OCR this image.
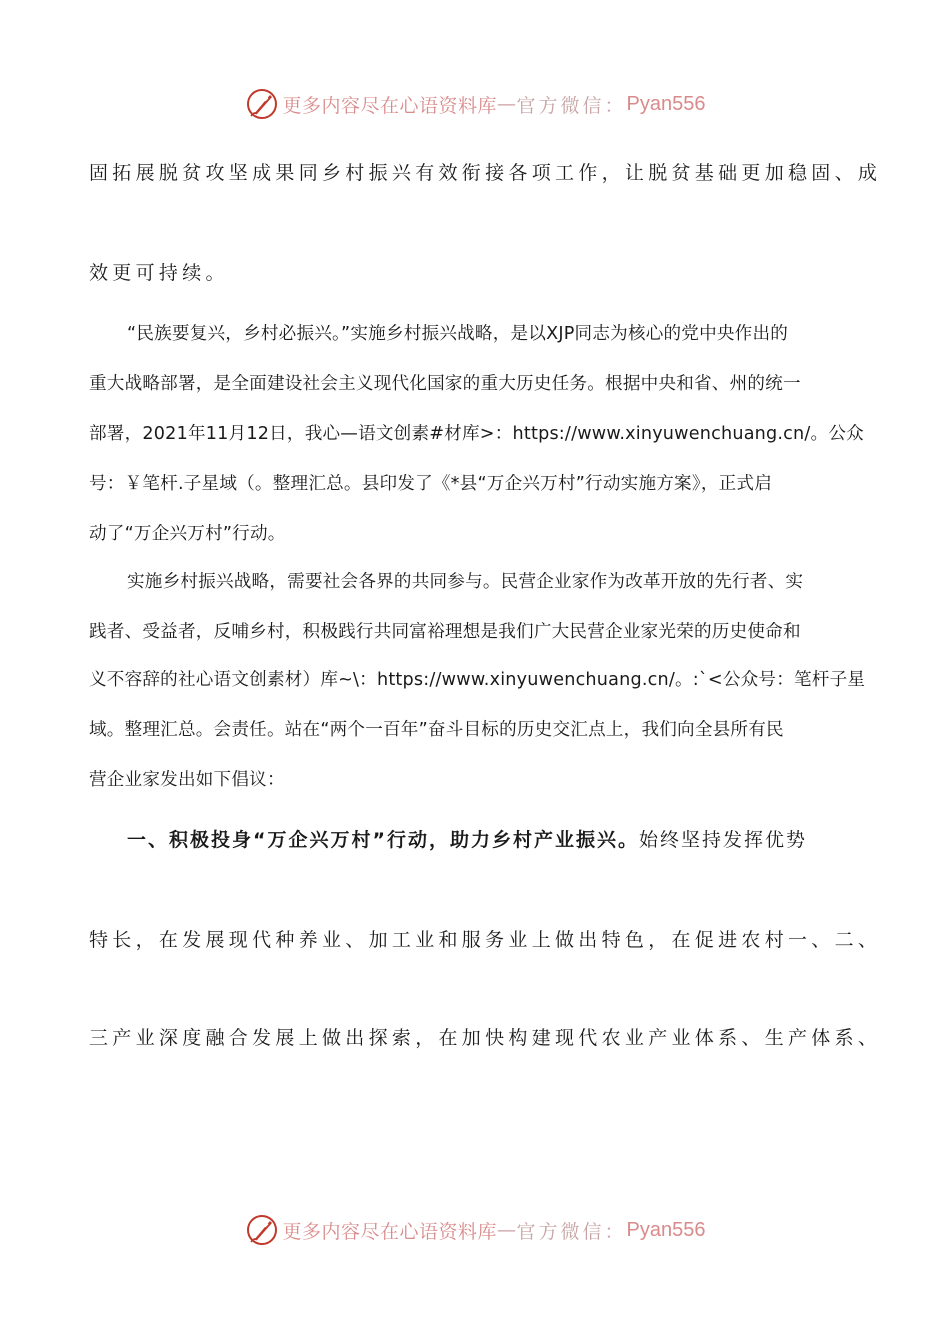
更多内容尽在心语资料库 — 官方微信： Pyan556
固拓展脱贫攻坚成果同乡村振兴有效衔接各项工作，让脱贫基础更加稳固、成
效更可持续。
“民族要复兴，乡村必振兴。”实施乡村振兴战略，是以XJP同志为核心的党中央作出的
重大战略部署，是全面建设社会主义现代化国家的重大历史任务。根据中央和省、州的统一
部署，2021年11月12日，我心—语文创素#材库>：https://www.xinyuwenchuang.cn/。公众
号：￥笔杆.子星域（。整理汇总。县印发了《*县“万企兴万村”行动实施方案》，正式启
动了“万企兴万村”行动。
实施乡村振兴战略，需要社会各界的共同参与。民营企业家作为改革开放的先行者、实
践者、受益者，反哺乡村，积极践行共同富裕理想是我们广大民营企业家光荣的历史使命和
义不容辞的社心语文创素材）库~\：https://www.xinyuwenchuang.cn/。:`<公众号：笔杆子星
域。整理汇总。会责任。站在“两个一百年”奋斗目标的历史交汇点上，我们向全县所有民
营企业家发出如下倡议：
一、积极投身“万企兴万村”行动，助力乡村产业振兴。始终坚持发挥优势
特长，在发展现代种养业、加工业和服务业上做出特色，在促进农村一、二、
三产业深度融合发展上做出探索，在加快构建现代农业产业体系、生产体系、
更多内容尽在心语资料库 — 官方微信： Pyan556
